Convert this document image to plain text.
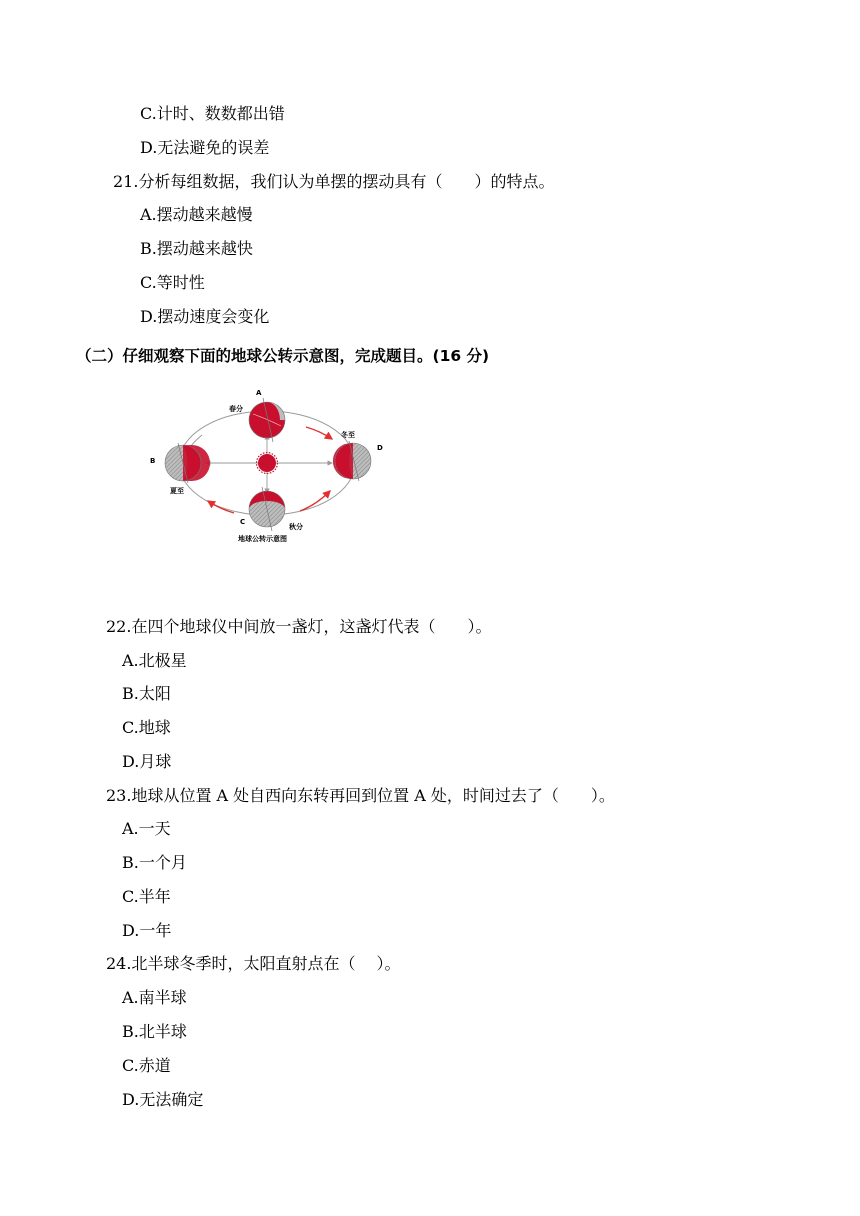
C.计时、数数都出错
D.无法避免的误差
21.分析每组数据，我们认为单摆的摆动具有（　　）的特点。
A.摆动越来越慢
B.摆动越来越快
C.等时性
D.摆动速度会变化
（二）仔细观察下面的地球公转示意图，完成题目。(16 分)
A
春分
B
夏至
冬至
D
C
秋分
地球公转示意图
22.在四个地球仪中间放一盏灯，这盏灯代表（　　）。
A.北极星
B.太阳
C.地球
D.月球
23.地球从位置 A 处自西向东转再回到位置 A 处，时间过去了（　　）。
A.一天
B.一个月
C.半年
D.一年
24.北半球冬季时，太阳直射点在（　 ）。
A.南半球
B.北半球
C.赤道
D.无法确定
